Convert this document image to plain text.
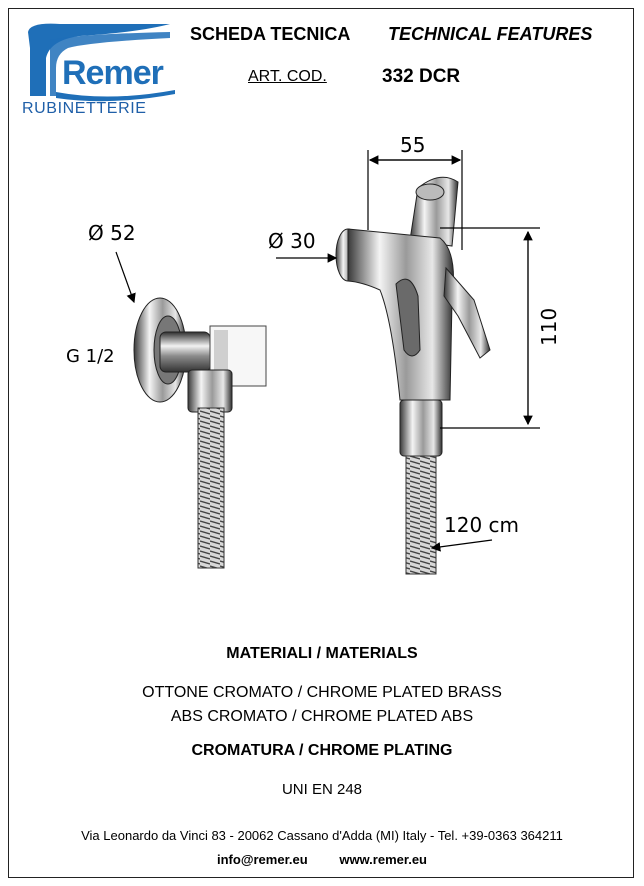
Remer
RUBINETTERIE
SCHEDA TECNICA TECHNICAL FEATURES
ART. COD.	332 DCR
55
Ø 52	Ø 30
G 1/2
110
120 cm
MATERIALI / MATERIALS
OTTONE CROMATO / CHROME PLATED BRASS
ABS CROMATO / CHROME PLATED ABS
CROMATURA / CHROME PLATING
UNI EN 248
Via Leonardo da Vinci 83 - 20062 Cassano d'Adda (MI) Italy - Tel. +39-0363 364211
info@remer.eu www.remer.eu
